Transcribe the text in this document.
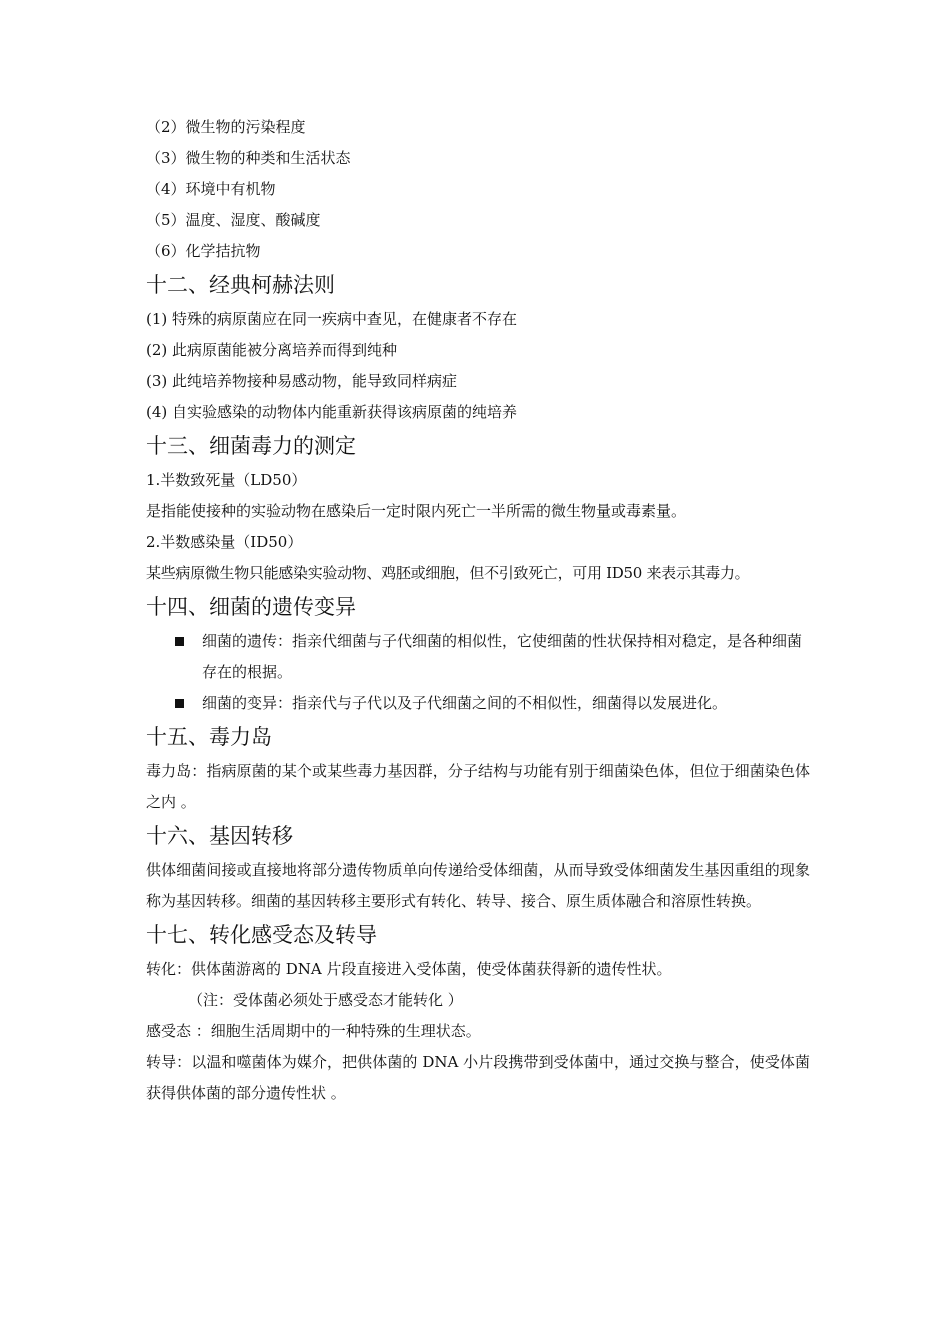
（2）微生物的污染程度
（3）微生物的种类和生活状态
（4）环境中有机物
（5）温度、湿度、酸碱度
（6）化学拮抗物
十二、经典柯赫法则
(1) 特殊的病原菌应在同一疾病中查见，在健康者不存在
(2) 此病原菌能被分离培养而得到纯种
(3) 此纯培养物接种易感动物，能导致同样病症
(4) 自实验感染的动物体内能重新获得该病原菌的纯培养
十三、细菌毒力的测定
1.半数致死量（LD50）
是指能使接种的实验动物在感染后一定时限内死亡一半所需的微生物量或毒素量。
2.半数感染量（ID50）
某些病原微生物只能感染实验动物、鸡胚或细胞，但不引致死亡，可用 ID50 来表示其毒力。
十四、细菌的遗传变异
细菌的遗传：指亲代细菌与子代细菌的相似性，它使细菌的性状保持相对稳定，是各种细菌存在的根据。
细菌的变异：指亲代与子代以及子代细菌之间的不相似性，细菌得以发展进化。
十五、毒力岛
毒力岛：指病原菌的某个或某些毒力基因群，分子结构与功能有别于细菌染色体，但位于细菌染色体之内 。
十六、基因转移
供体细菌间接或直接地将部分遗传物质单向传递给受体细菌，从而导致受体细菌发生基因重组的现象称为基因转移。细菌的基因转移主要形式有转化、转导、接合、原生质体融合和溶原性转换。
十七、转化感受态及转导
转化：供体菌游离的 DNA 片段直接进入受体菌，使受体菌获得新的遗传性状。
（注：受体菌必须处于感受态才能转化 ）
感受态 ：细胞生活周期中的一种特殊的生理状态。
转导：以温和噬菌体为媒介，把供体菌的 DNA 小片段携带到受体菌中，通过交换与整合，使受体菌获得供体菌的部分遗传性状 。
